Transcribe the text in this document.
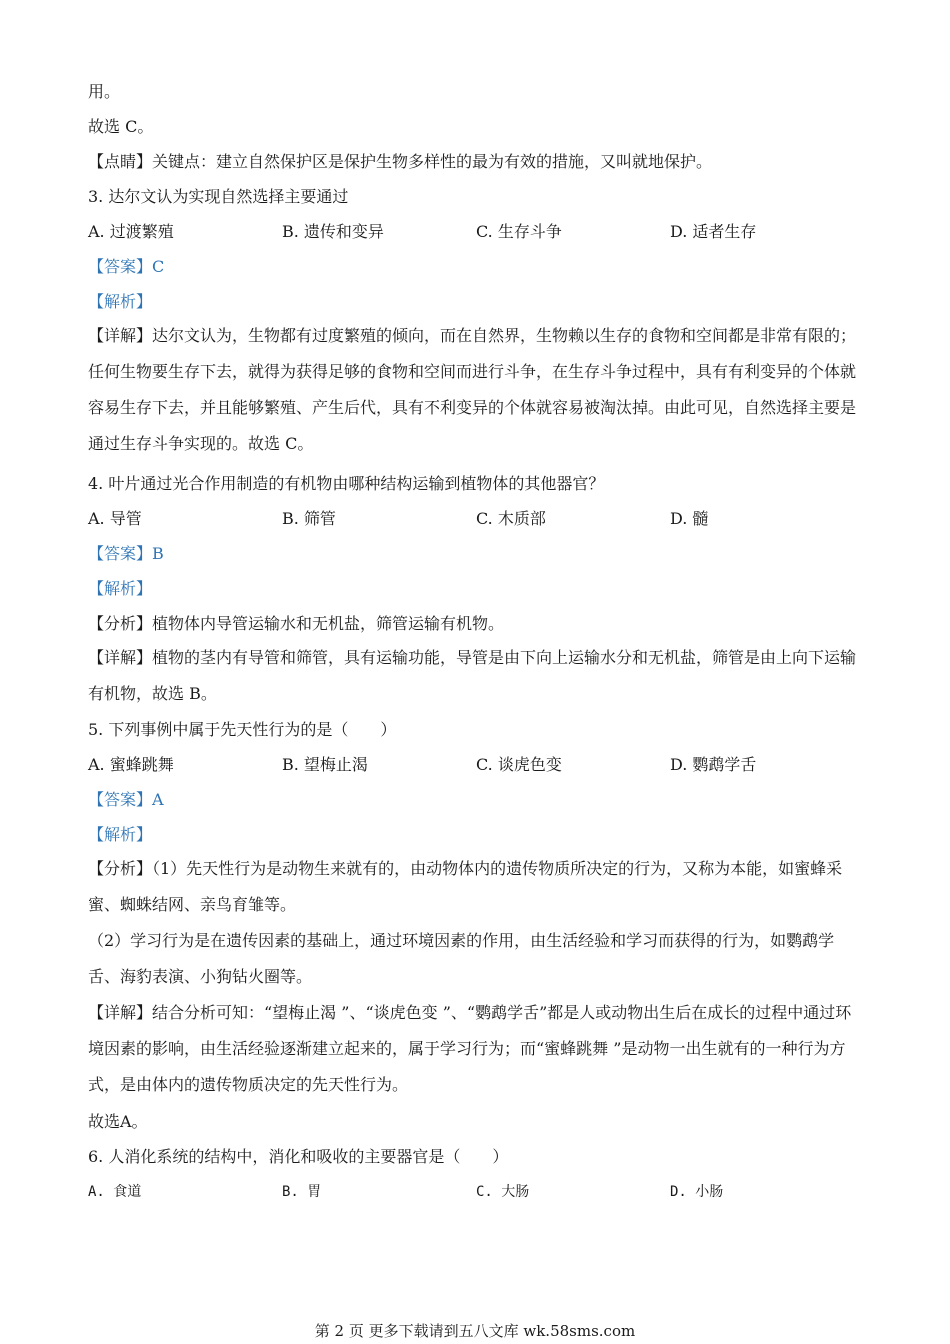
用。
故选 C。
【点睛】关键点：建立自然保护区是保护生物多样性的最为有效的措施，又叫就地保护。
3. 达尔文认为实现自然选择主要通过
A. 过渡繁殖	B. 遗传和变异	C. 生存斗争	D. 适者生存
【答案】C
【解析】
【详解】达尔文认为，生物都有过度繁殖的倾向，而在自然界，生物赖以生存的食物和空间都是非常有限的；任何生物要生存下去，就得为获得足够的食物和空间而进行斗争，在生存斗争过程中，具有有利变异的个体就容易生存下去，并且能够繁殖、产生后代，具有不利变异的个体就容易被淘汰掉。由此可见，自然选择主要是通过生存斗争实现的。故选 C。
4. 叶片通过光合作用制造的有机物由哪种结构运输到植物体的其他器官？
A. 导管	B. 筛管	C. 木质部	D. 髓
【答案】B
【解析】
【分析】植物体内导管运输水和无机盐，筛管运输有机物。
【详解】植物的茎内有导管和筛管，具有运输功能，导管是由下向上运输水分和无机盐，筛管是由上向下运输有机物，故选 B。
5. 下列事例中属于先天性行为的是（　　）
A. 蜜蜂跳舞	B. 望梅止渴	C. 谈虎色变	D. 鹦鹉学舌
【答案】A
【解析】
【分析】（1）先天性行为是动物生来就有的，由动物体内的遗传物质所决定的行为，又称为本能，如蜜蜂采蜜、蜘蛛结网、亲鸟育雏等。
（2）学习行为是在遗传因素的基础上，通过环境因素的作用，由生活经验和学习而获得的行为，如鹦鹉学舌、海豹表演、小狗钻火圈等。
【详解】结合分析可知：“望梅止渴 ”、“谈虎色变 ”、“鹦鹉学舌”都是人或动物出生后在成长的过程中通过环境因素的影响，由生活经验逐渐建立起来的，属于学习行为；而“蜜蜂跳舞 ”是动物一出生就有的一种行为方式，是由体内的遗传物质决定的先天性行为。
故选A。
6. 人消化系统的结构中，消化和吸收的主要器官是（　　）
A. 食道	B. 胃	C. 大肠	D. 小肠
第 2 页 更多下载请到五八文库 wk.58sms.com
